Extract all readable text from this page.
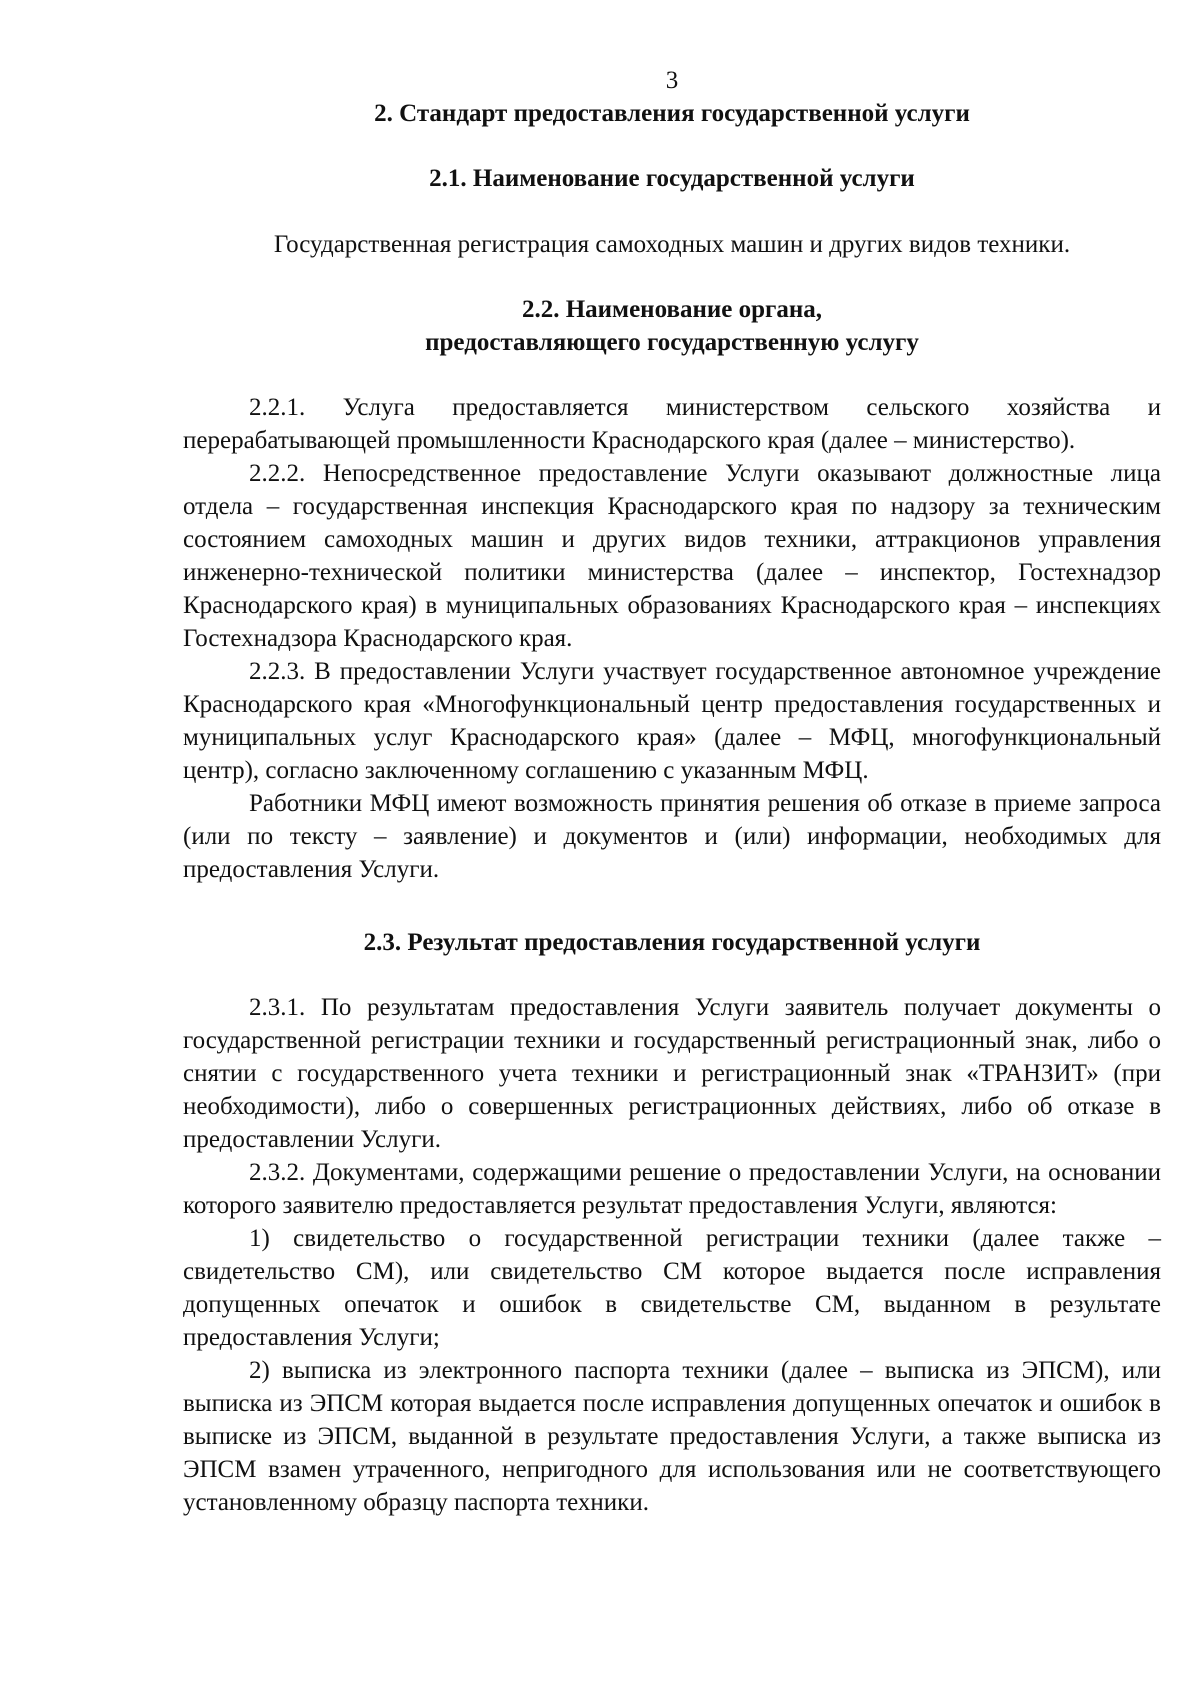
3

2. Стандарт предоставления государственной услуги

2.1. Наименование государственной услуги

Государственная регистрация самоходных машин и других видов техники.

2.2. Наименование органа,
предоставляющего государственную услугу

2.2.1. Услуга предоставляется министерством сельского хозяйства и перерабатывающей промышленности Краснодарского края (далее – министерство).

2.2.2. Непосредственное предоставление Услуги оказывают должностные лица отдела – государственная инспекция Краснодарского края по надзору за техническим состоянием самоходных машин и других видов техники, аттракционов управления инженерно-технической политики министерства (далее – инспектор, Гостехнадзор Краснодарского края) в муниципальных образованиях Краснодарского края – инспекциях Гостехнадзора Краснодарского края.

2.2.3. В предоставлении Услуги участвует государственное автономное учреждение Краснодарского края «Многофункциональный центр предоставления государственных и муниципальных услуг Краснодарского края» (далее – МФЦ, многофункциональный центр), согласно заключенному соглашению с указанным МФЦ.

Работники МФЦ имеют возможность принятия решения об отказе в приеме запроса (или по тексту – заявление) и документов и (или) информации, необходимых для предоставления Услуги.

2.3. Результат предоставления государственной услуги

2.3.1. По результатам предоставления Услуги заявитель получает документы о государственной регистрации техники и государственный регистрационный знак, либо о снятии с государственного учета техники и регистрационный знак «ТРАНЗИТ» (при необходимости), либо о совершенных регистрационных действиях, либо об отказе в предоставлении Услуги.

2.3.2. Документами, содержащими решение о предоставлении Услуги, на основании которого заявителю предоставляется результат предоставления Услуги, являются:

1) свидетельство о государственной регистрации техники (далее также – свидетельство СМ), или свидетельство СМ которое выдается после исправления допущенных опечаток и ошибок в свидетельстве СМ, выданном в результате предоставления Услуги;

2) выписка из электронного паспорта техники (далее – выписка из ЭПСМ), или выписка из ЭПСМ которая выдается после исправления допущенных опечаток и ошибок в выписке из ЭПСМ, выданной в результате предоставления Услуги, а также выписка из ЭПСМ взамен утраченного, непригодного для использования или не соответствующего установленному образцу паспорта техники.
